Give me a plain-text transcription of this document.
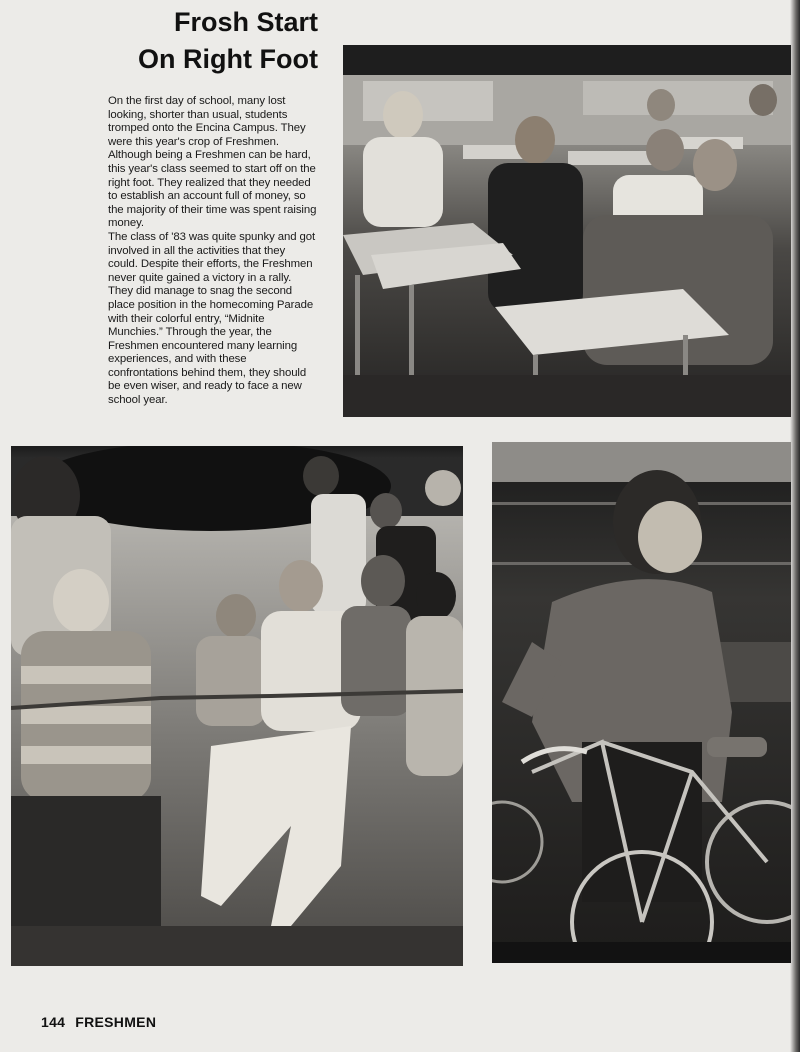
Frosh Start
On Right Foot

On the first day of school, many lost looking, shorter than usual, students tromped onto the Encina Campus. They were this year's crop of Freshmen.

Although being a Freshmen can be hard, this year's class seemed to start off on the right foot. They realized that they needed to establish an account full of money, so the majority of their time was spent raising money.

The class of '83 was quite spunky and got involved in all the activities that they could. Despite their efforts, the Freshmen never quite gained a victory in a rally. They did manage to snag the second place position in the homecoming Parade with their colorful entry, “Midnite Munchies.” Through the year, the Freshmen encountered many learning experiences, and with these confrontations behind them, they should be even wiser, and ready to face a new school year.

144 FRESHMEN
